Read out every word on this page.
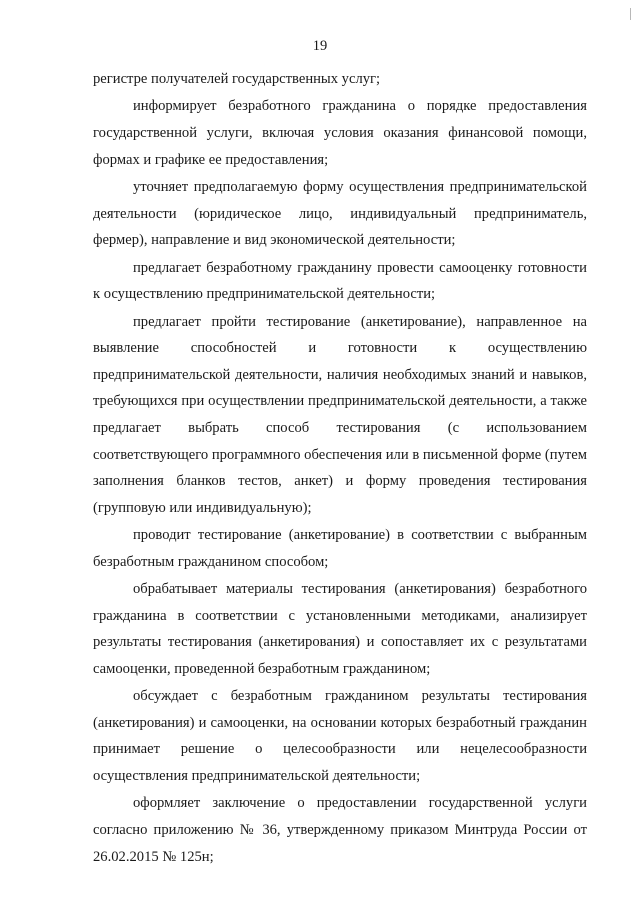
19

регистре получателей государственных услуг;

информирует безработного гражданина о порядке предоставления государственной услуги, включая условия оказания финансовой помощи, формах и графике ее предоставления;

уточняет предполагаемую форму осуществления предпринимательской деятельности (юридическое лицо, индивидуальный предприниматель, фермер), направление и вид экономической деятельности;

предлагает безработному гражданину провести самооценку готовности к осуществлению предпринимательской деятельности;

предлагает пройти тестирование (анкетирование), направленное на выявление способностей и готовности к осуществлению предпринимательской деятельности, наличия необходимых знаний и навыков, требующихся при осуществлении предпринимательской деятельности, а также предлагает выбрать способ тестирования (с использованием соответствующего программного обеспечения или в письменной форме (путем заполнения бланков тестов, анкет) и форму проведения тестирования (групповую или индивидуальную);

проводит тестирование (анкетирование) в соответствии с выбранным безработным гражданином способом;

обрабатывает материалы тестирования (анкетирования) безработного гражданина в соответствии с установленными методиками, анализирует результаты тестирования (анкетирования) и сопоставляет их с результатами самооценки, проведенной безработным гражданином;

обсуждает с безработным гражданином результаты тестирования (анкетирования) и самооценки, на основании которых безработный гражданин принимает решение о целесообразности или нецелесообразности осуществления предпринимательской деятельности;

оформляет заключение о предоставлении государственной услуги согласно приложению № 36, утвержденному приказом Минтруда России от 26.02.2015 № 125н;
